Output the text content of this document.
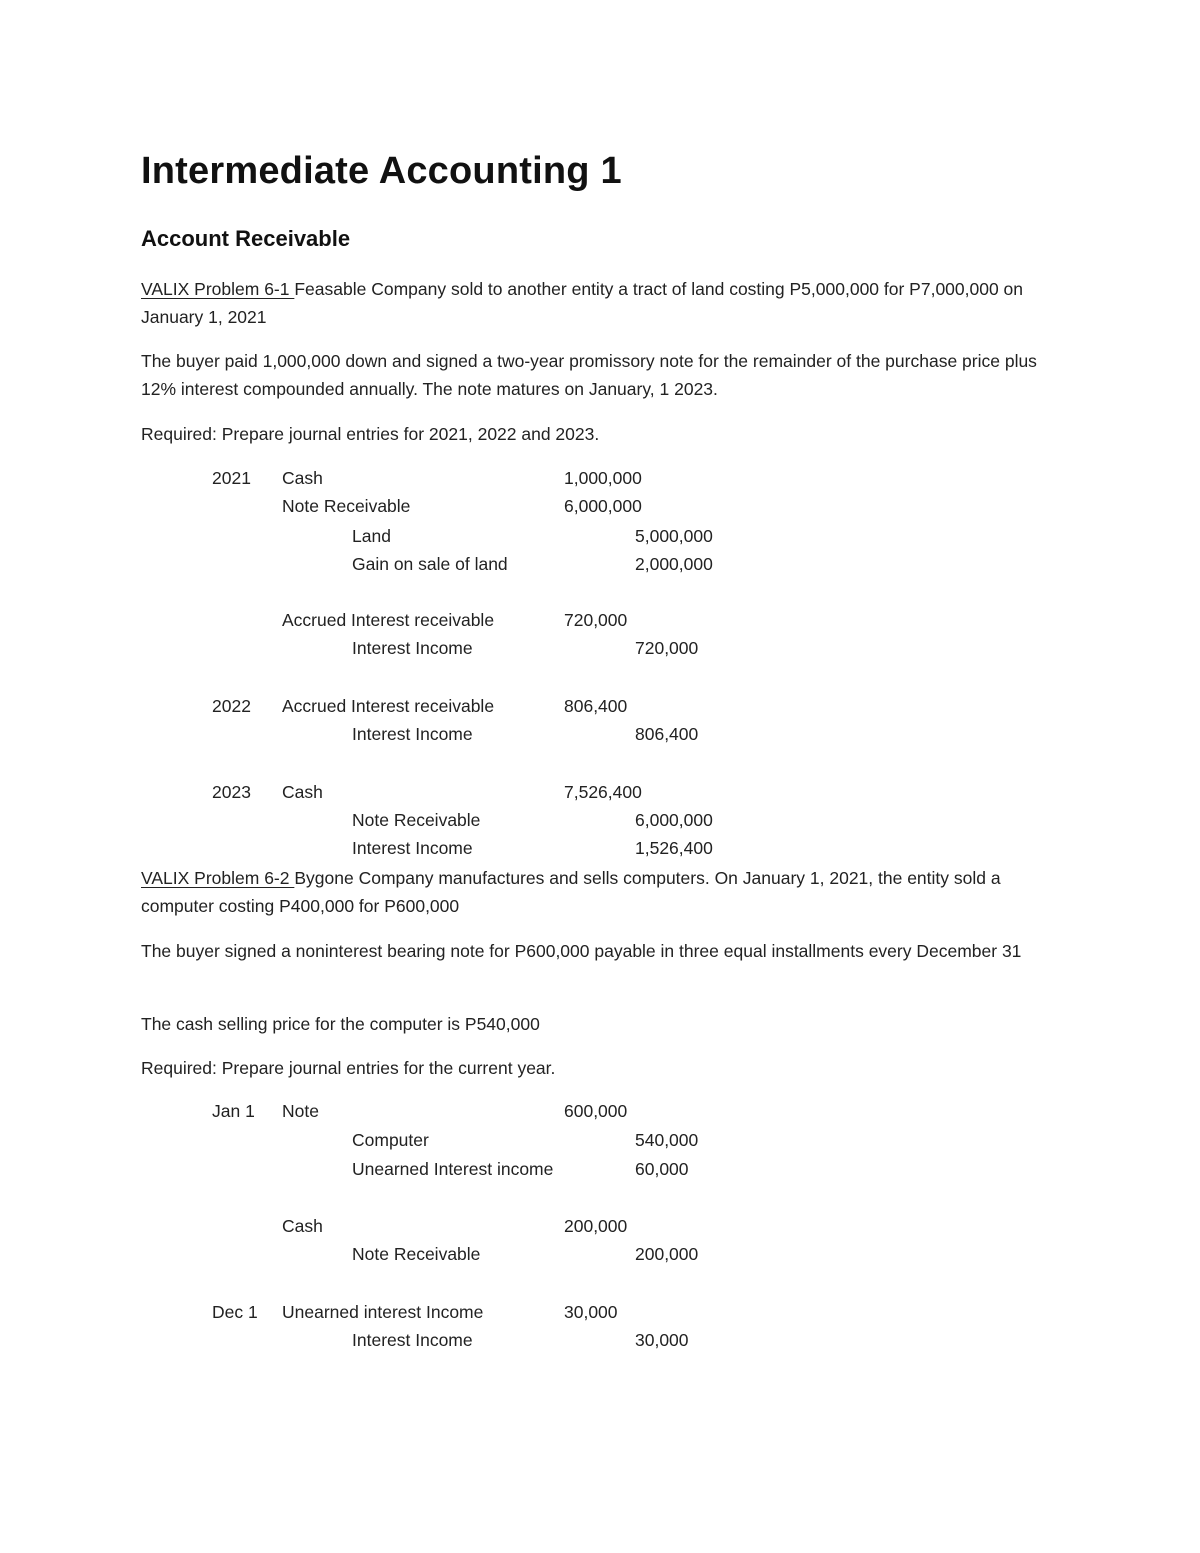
Intermediate Accounting 1
Account Receivable
VALIX Problem 6-1 Feasable Company sold to another entity a tract of land costing P5,000,000 for P7,000,000 on January 1, 2021
The buyer paid 1,000,000 down and signed a two-year promissory note for the remainder of the purchase price plus 12% interest compounded annually. The note matures on January, 1 2023.
Required: Prepare journal entries for 2021, 2022 and 2023.
2021 Cash	1,000,000
Note Receivable	6,000,000
Land	5,000,000
Gain on sale of land	2,000,000
Accrued Interest receivable	720,000
Interest Income	720,000
2022 Accrued Interest receivable	806,400
Interest Income	806,400
2023 Cash	7,526,400
Note Receivable	6,000,000
Interest Income	1,526,400
VALIX Problem 6-2 Bygone Company manufactures and sells computers. On January 1, 2021, the entity sold a computer costing P400,000 for P600,000
The buyer signed a noninterest bearing note for P600,000 payable in three equal installments every December 31
The cash selling price for the computer is P540,000
Required: Prepare journal entries for the current year.
Jan 1 Note	600,000
Computer	540,000
Unearned Interest income	60,000
Cash	200,000
Note Receivable	200,000
Dec 1 Unearned interest Income	30,000
Interest Income	30,000
